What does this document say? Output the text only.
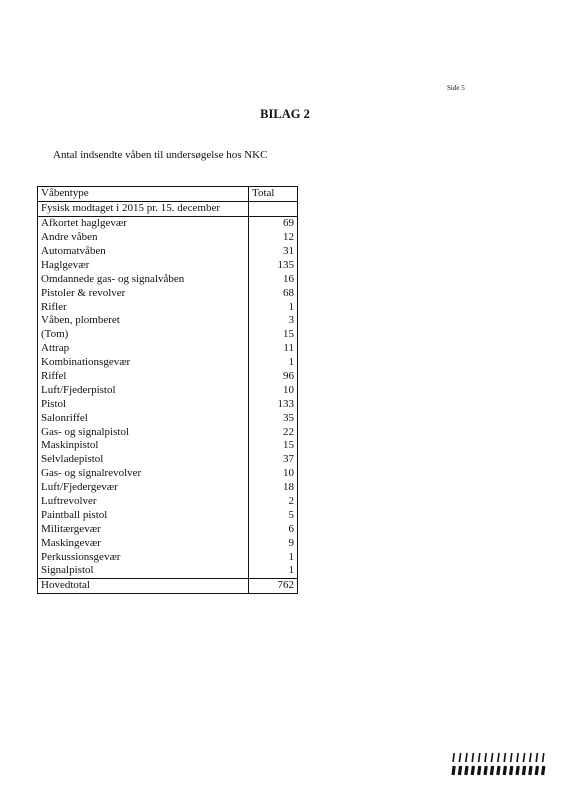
Side 5
BILAG 2
Antal indsendte våben til undersøgelse hos NKC
Våbentype	Total
Fysisk modtaget i 2015 pr. 15. december	
Afkortet haglgevær	69
Andre våben	12
Automatvåben	31
Haglgevær	135
Omdannede gas- og signalvåben	16
Pistoler & revolver	68
Rifler	1
Våben, plomberet	3
(Tom)	15
Attrap	11
Kombinationsgevær	1
Riffel	96
Luft/Fjederpistol	10
Pistol	133
Salonriffel	35
Gas- og signalpistol	22
Maskinpistol	15
Selvladepistol	37
Gas- og signalrevolver	10
Luft/Fjedergevær	18
Luftrevolver	2
Paintball pistol	5
Militærgevær	6
Maskingevær	9
Perkussionsgevær	1
Signalpistol	1
Hovedtotal	762
